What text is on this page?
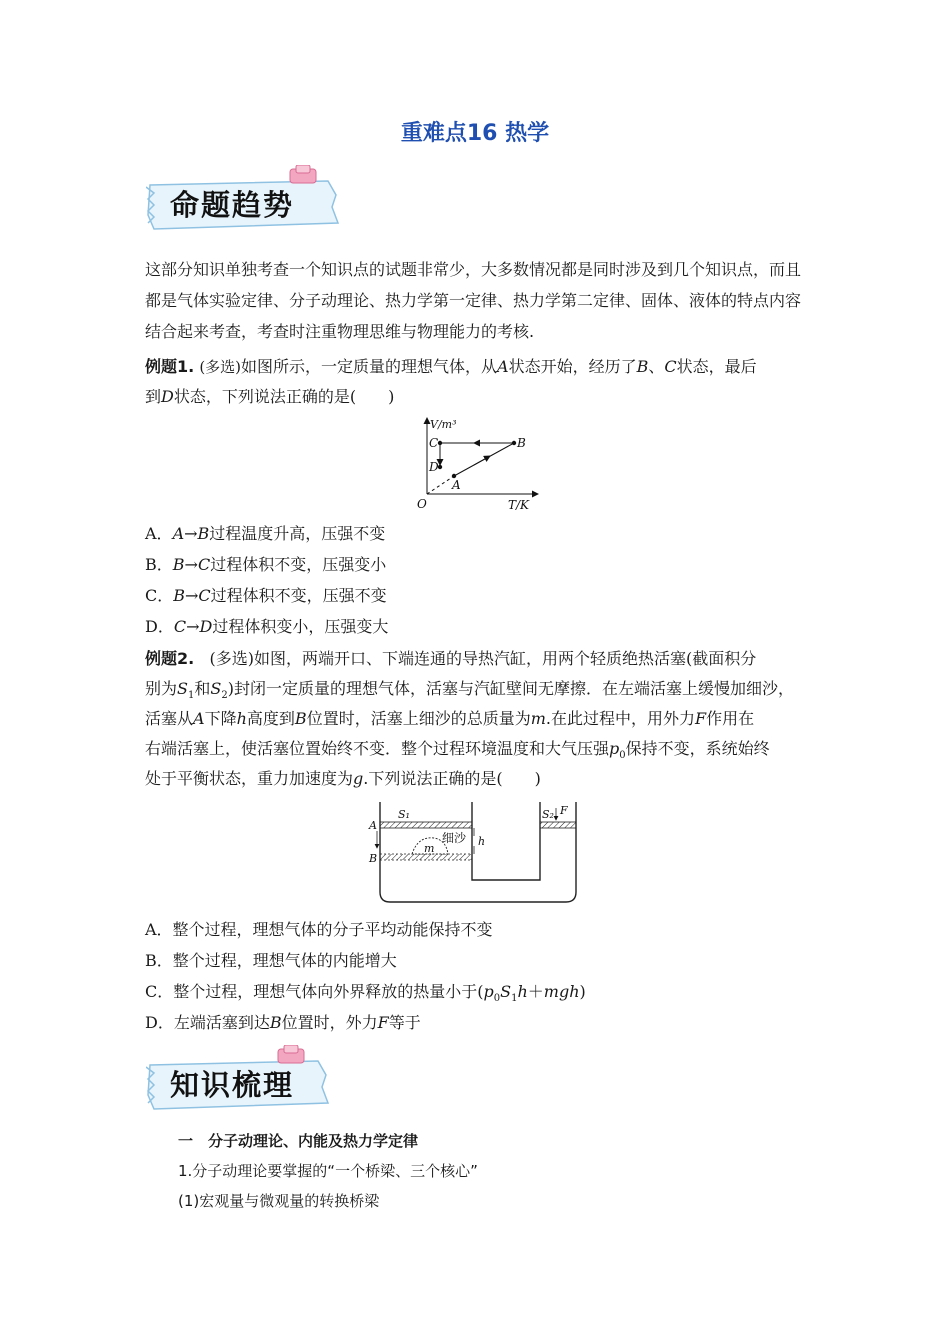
重难点16 热学
命题趋势
这部分知识单独考查一个知识点的试题非常少，大多数情况都是同时涉及到几个知识点，而且都是气体实验定律、分子动理论、热力学第一定律、热力学第二定律、固体、液体的特点内容结合起来考查，考查时注重物理思维与物理能力的考核.
例题1. (多选)如图所示，一定质量的理想气体，从A状态开始，经历了B、C状态，最后
到D状态，下列说法正确的是(　　)
V/m³
T/K
O
A
B
C
D
A．A→B过程温度升高，压强不变
B．B→C过程体积不变，压强变小
C．B→C过程体积不变，压强不变
D．C→D过程体积变小，压强变大
例题2. (多选)如图，两端开口、下端连通的导热汽缸，用两个轻质绝热活塞(截面积分
别为$S_1$和$S_2$)封闭一定质量的理想气体，活塞与汽缸壁间无摩擦．在左端活塞上缓慢加细沙，
活塞从A下降h高度到B位置时，活塞上细沙的总质量为m.在此过程中，用外力F作用在
右端活塞上，使活塞位置始终不变．整个过程环境温度和大气压强$p_0$保持不变，系统始终
处于平衡状态，重力加速度为g.下列说法正确的是(　　)
A
B
S₁	S₂ F
m
h
细沙
A．整个过程，理想气体的分子平均动能保持不变
B．整个过程，理想气体的内能增大
C．整个过程，理想气体向外界释放的热量小于$(p_0S_1h+mgh)$
D．左端活塞到达B位置时，外力F等于
知识梳理
一　分子动理论、内能及热力学定律
1.分子动理论要掌握的“一个桥梁、三个核心”
(1)宏观量与微观量的转换桥梁
